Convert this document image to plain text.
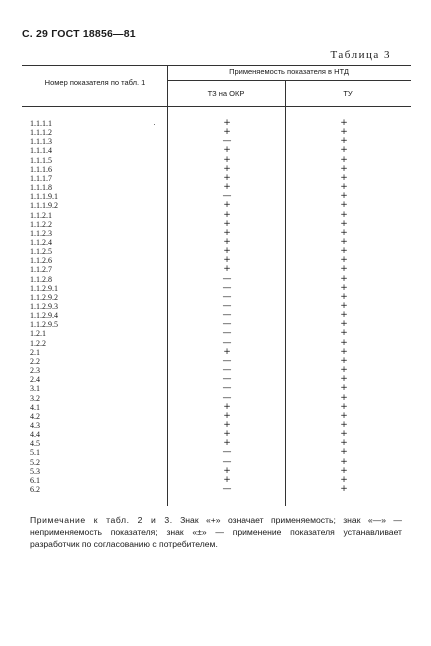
С. 29 ГОСТ 18856—81
Таблица 3
Номер показателя по табл. 1
Применяемость показателя в НТД
ТЗ на ОКР	ТУ
1.1.1.1	+	+
1.1.1.2	+	+
1.1.1.3	—	+
1.1.1.4	+	+
1.1.1.5	+	+
1.1.1.6	+	+
1.1.1.7	+	+
1.1.1.8	+	+
1.1.1.9.1	—	+
1.1.1.9.2	+	+
1.1.2.1	+	+
1.1.2.2	+	+
1.1.2.3	+	+
1.1.2.4	+	+
1.1.2.5	+	+
1.1.2.6	+	+
1.1.2.7	+	+
1.1.2.8	—	+
1.1.2.9.1	—	+
1.1.2.9.2	—	+
1.1.2.9.3	—	+
1.1.2.9.4	—	+
1.1.2.9.5	—	+
1.2.1	—	+
1.2.2	—	+
2.1	+	+
2.2	—	+
2.3	—	+
2.4	—	+
3.1	—	+
3.2	—	+
4.1	+	+
4.2	+	+
4.3	+	+
4.4	+	+
4.5	+	+
5.1	—	+
5.2	—	+
5.3	+	+
6.1	+	+
6.2	—	+
Примечание к табл. 2 и 3. Знак «+» означает применяемость; знак «—» — неприменяемость показателя; знак «±» — применение показателя устанавливает разработчик по согласованию с потребителем.
